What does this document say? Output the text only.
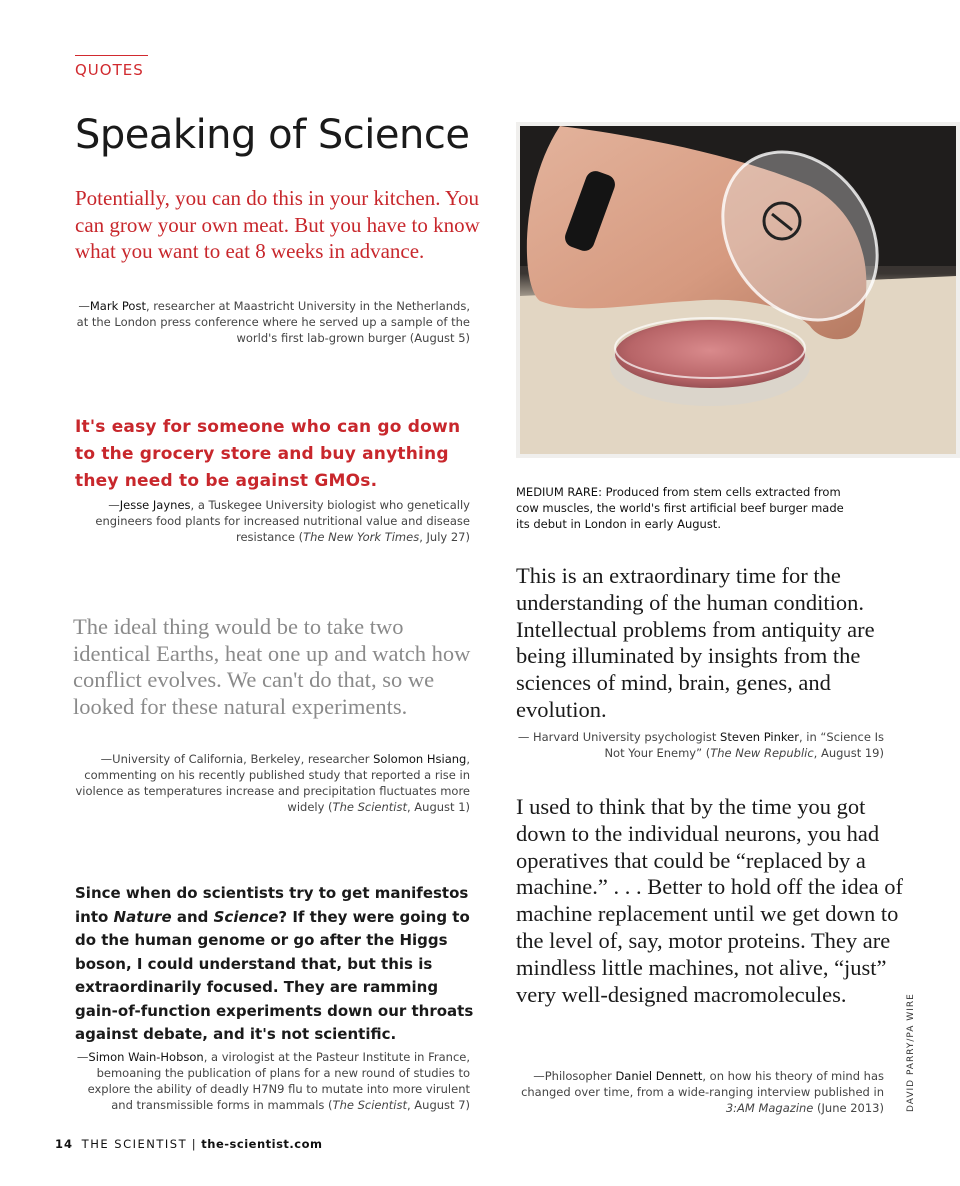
QUOTES
Speaking of Science
Potentially, you can do this in your kitchen. You can grow your own meat. But you have to know what you want to eat 8 weeks in advance.
—Mark Post, researcher at Maastricht University in the Netherlands, at the London press conference where he served up a sample of the world's first lab-grown burger (August 5)
It's easy for someone who can go down to the grocery store and buy anything they need to be against GMOs.
—Jesse Jaynes, a Tuskegee University biologist who genetically engineers food plants for increased nutritional value and disease resistance (The New York Times, July 27)
The ideal thing would be to take two identical Earths, heat one up and watch how conflict evolves. We can't do that, so we looked for these natural experiments.
—University of California, Berkeley, researcher Solomon Hsiang, commenting on his recently published study that reported a rise in violence as temperatures increase and precipitation fluctuates more widely (The Scientist, August 1)
Since when do scientists try to get manifestos into Nature and Science? If they were going to do the human genome or go after the Higgs boson, I could understand that, but this is extraordinarily focused. They are ramming gain-of-function experiments down our throats against debate, and it's not scientific.
—Simon Wain-Hobson, a virologist at the Pasteur Institute in France, bemoaning the publication of plans for a new round of studies to explore the ability of deadly H7N9 flu to mutate into more virulent and transmissible forms in mammals (The Scientist, August 7)
MEDIUM RARE: Produced from stem cells extracted from cow muscles, the world's first artificial beef burger made its debut in London in early August.
This is an extraordinary time for the understanding of the human condition. Intellectual problems from antiquity are being illuminated by insights from the sciences of mind, brain, genes, and evolution.
— Harvard University psychologist Steven Pinker, in “Science Is Not Your Enemy” (The New Republic, August 19)
I used to think that by the time you got down to the individual neurons, you had operatives that could be “replaced by a machine.” . . . Better to hold off the idea of machine replacement until we get down to the level of, say, motor proteins. They are mindless little machines, not alive, “just” very well-designed macromolecules.
—Philosopher Daniel Dennett, on how his theory of mind has changed over time, from a wide-ranging interview published in 3:AM Magazine (June 2013) DAVID PARRY/PA WIRE
14 THE SCIENTIST | the-scientist.com
